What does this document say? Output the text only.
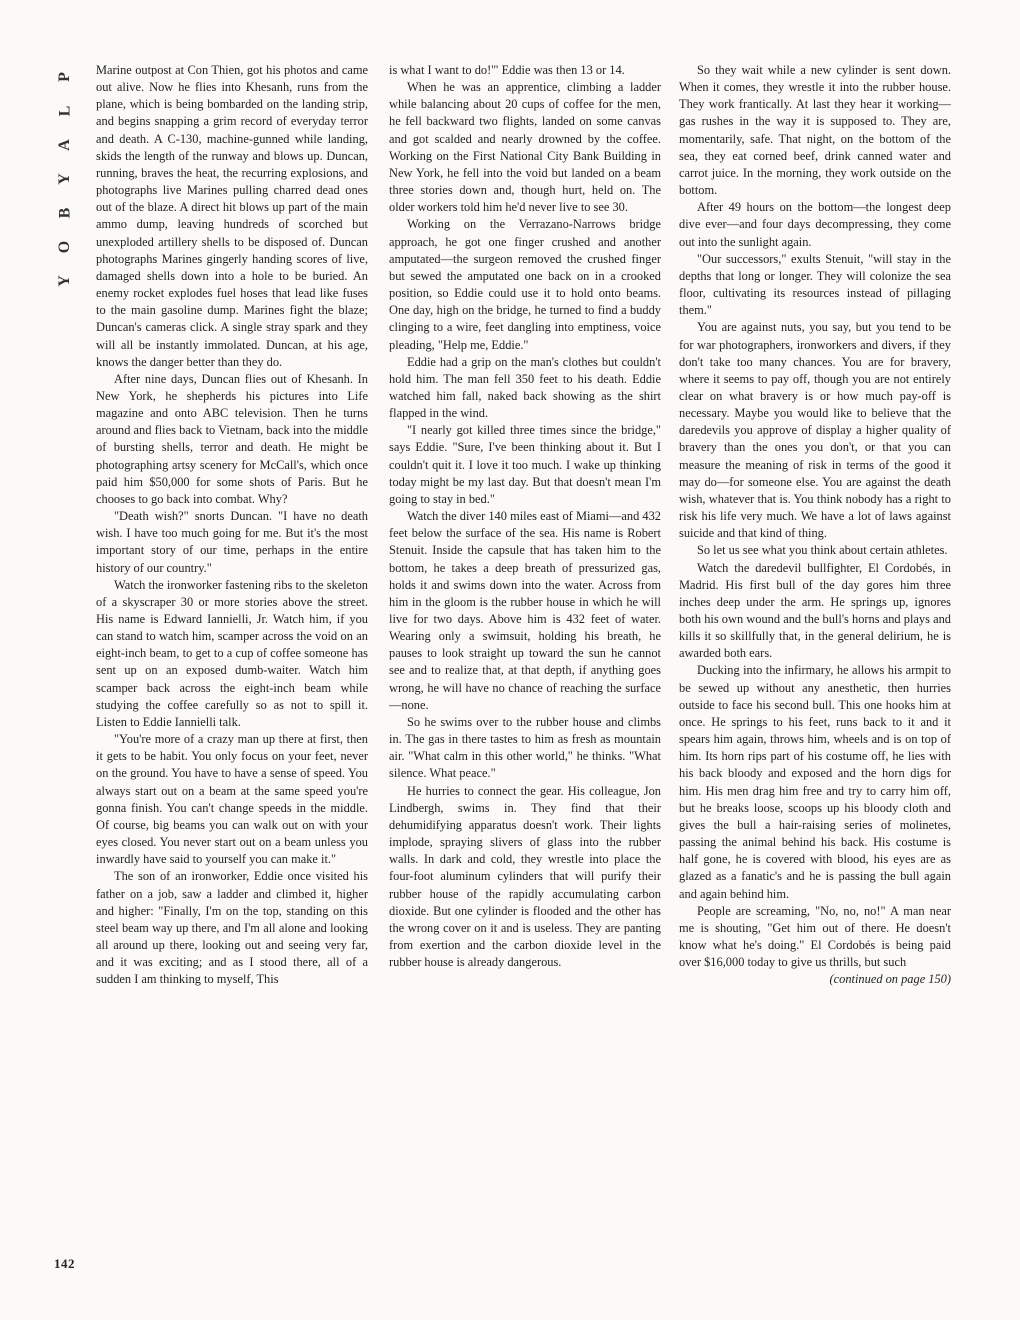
P
L
A
Y
B
O
Y
142

Marine outpost at Con Thien, got his photos and came out alive. Now he flies into Khesanh, runs from the plane, which is being bombarded on the landing strip, and begins snapping a grim record of everyday terror and death. A C-130, machine-gunned while landing, skids the length of the runway and blows up. Duncan, running, braves the heat, the recurring explosions, and photographs live Marines pulling charred dead ones out of the blaze. A direct hit blows up part of the main ammo dump, leaving hundreds of scorched but unexploded artillery shells to be disposed of. Duncan photographs Marines gingerly handing scores of live, damaged shells down into a hole to be buried. An enemy rocket explodes fuel hoses that lead like fuses to the main gasoline dump. Marines fight the blaze; Duncan's cameras click. A single stray spark and they will all be instantly immolated. Duncan, at his age, knows the danger better than they do.

After nine days, Duncan flies out of Khesanh. In New York, he shepherds his pictures into Life magazine and onto ABC television. Then he turns around and flies back to Vietnam, back into the middle of bursting shells, terror and death. He might be photographing artsy scenery for McCall's, which once paid him $50,000 for some shots of Paris. But he chooses to go back into combat. Why?

"Death wish?" snorts Duncan. "I have no death wish. I have too much going for me. But it's the most important story of our time, perhaps in the entire history of our country."

Watch the ironworker fastening ribs to the skeleton of a skyscraper 30 or more stories above the street. His name is Edward Iannielli, Jr. Watch him, if you can stand to watch him, scamper across the void on an eight-inch beam, to get to a cup of coffee someone has sent up on an exposed dumb-waiter. Watch him scamper back across the eight-inch beam while studying the coffee carefully so as not to spill it. Listen to Eddie Iannielli talk.

"You're more of a crazy man up there at first, then it gets to be habit. You only focus on your feet, never on the ground. You have to have a sense of speed. You always start out on a beam at the same speed you're gonna finish. You can't change speeds in the middle. Of course, big beams you can walk out on with your eyes closed. You never start out on a beam unless you inwardly have said to yourself you can make it."

The son of an ironworker, Eddie once visited his father on a job, saw a ladder and climbed it, higher and higher: "Finally, I'm on the top, standing on this steel beam way up there, and I'm all alone and looking all around up there, looking out and seeing very far, and it was exciting; and as I stood there, all of a sudden I am thinking to myself, This

is what I want to do!'" Eddie was then 13 or 14.

When he was an apprentice, climbing a ladder while balancing about 20 cups of coffee for the men, he fell backward two flights, landed on some canvas and got scalded and nearly drowned by the coffee. Working on the First National City Bank Building in New York, he fell into the void but landed on a beam three stories down and, though hurt, held on. The older workers told him he'd never live to see 30.

Working on the Verrazano-Narrows bridge approach, he got one finger crushed and another amputated—the surgeon removed the crushed finger but sewed the amputated one back on in a crooked position, so Eddie could use it to hold onto beams. One day, high on the bridge, he turned to find a buddy clinging to a wire, feet dangling into emptiness, voice pleading, "Help me, Eddie."

Eddie had a grip on the man's clothes but couldn't hold him. The man fell 350 feet to his death. Eddie watched him fall, naked back showing as the shirt flapped in the wind.

"I nearly got killed three times since the bridge," says Eddie. "Sure, I've been thinking about it. But I couldn't quit it. I love it too much. I wake up thinking today might be my last day. But that doesn't mean I'm going to stay in bed."

Watch the diver 140 miles east of Miami—and 432 feet below the surface of the sea. His name is Robert Stenuit. Inside the capsule that has taken him to the bottom, he takes a deep breath of pressurized gas, holds it and swims down into the water. Across from him in the gloom is the rubber house in which he will live for two days. Above him is 432 feet of water. Wearing only a swimsuit, holding his breath, he pauses to look straight up toward the sun he cannot see and to realize that, at that depth, if anything goes wrong, he will have no chance of reaching the surface—none.

So he swims over to the rubber house and climbs in. The gas in there tastes to him as fresh as mountain air. "What calm in this other world," he thinks. "What silence. What peace."

He hurries to connect the gear. His colleague, Jon Lindbergh, swims in. They find that their dehumidifying apparatus doesn't work. Their lights implode, spraying slivers of glass into the rubber walls. In dark and cold, they wrestle into place the four-foot aluminum cylinders that will purify their rubber house of the rapidly accumulating carbon dioxide. But one cylinder is flooded and the other has the wrong cover on it and is useless. They are panting from exertion and the carbon dioxide level in the rubber house is already dangerous.

So they wait while a new cylinder is sent down. When it comes, they wrestle it into the rubber house. They work frantically. At last they hear it working—gas rushes in the way it is supposed to. They are, momentarily, safe. That night, on the bottom of the sea, they eat corned beef, drink canned water and carrot juice. In the morning, they work outside on the bottom.

After 49 hours on the bottom—the longest deep dive ever—and four days decompressing, they come out into the sunlight again.

"Our successors," exults Stenuit, "will stay in the depths that long or longer. They will colonize the sea floor, cultivating its resources instead of pillaging them."

You are against nuts, you say, but you tend to be for war photographers, ironworkers and divers, if they don't take too many chances. You are for bravery, where it seems to pay off, though you are not entirely clear on what bravery is or how much pay-off is necessary. Maybe you would like to believe that the daredevils you approve of display a higher quality of bravery than the ones you don't, or that you can measure the meaning of risk in terms of the good it may do—for someone else. You are against the death wish, whatever that is. You think nobody has a right to risk his life very much. We have a lot of laws against suicide and that kind of thing.

So let us see what you think about certain athletes.

Watch the daredevil bullfighter, El Cordobés, in Madrid. His first bull of the day gores him three inches deep under the arm. He springs up, ignores both his own wound and the bull's horns and plays and kills it so skillfully that, in the general delirium, he is awarded both ears.

Ducking into the infirmary, he allows his armpit to be sewed up without any anesthetic, then hurries outside to face his second bull. This one hooks him at once. He springs to his feet, runs back to it and it spears him again, throws him, wheels and is on top of him. Its horn rips part of his costume off, he lies with his back bloody and exposed and the horn digs for him. His men drag him free and try to carry him off, but he breaks loose, scoops up his bloody cloth and gives the bull a hair-raising series of molinetes, passing the animal behind his back. His costume is half gone, he is covered with blood, his eyes are as glazed as a fanatic's and he is passing the bull again and again behind him.

People are screaming, "No, no, no!" A man near me is shouting, "Get him out of there. He doesn't know what he's doing." El Cordobés is being paid over $16,000 today to give us thrills, but such

(continued on page 150)
